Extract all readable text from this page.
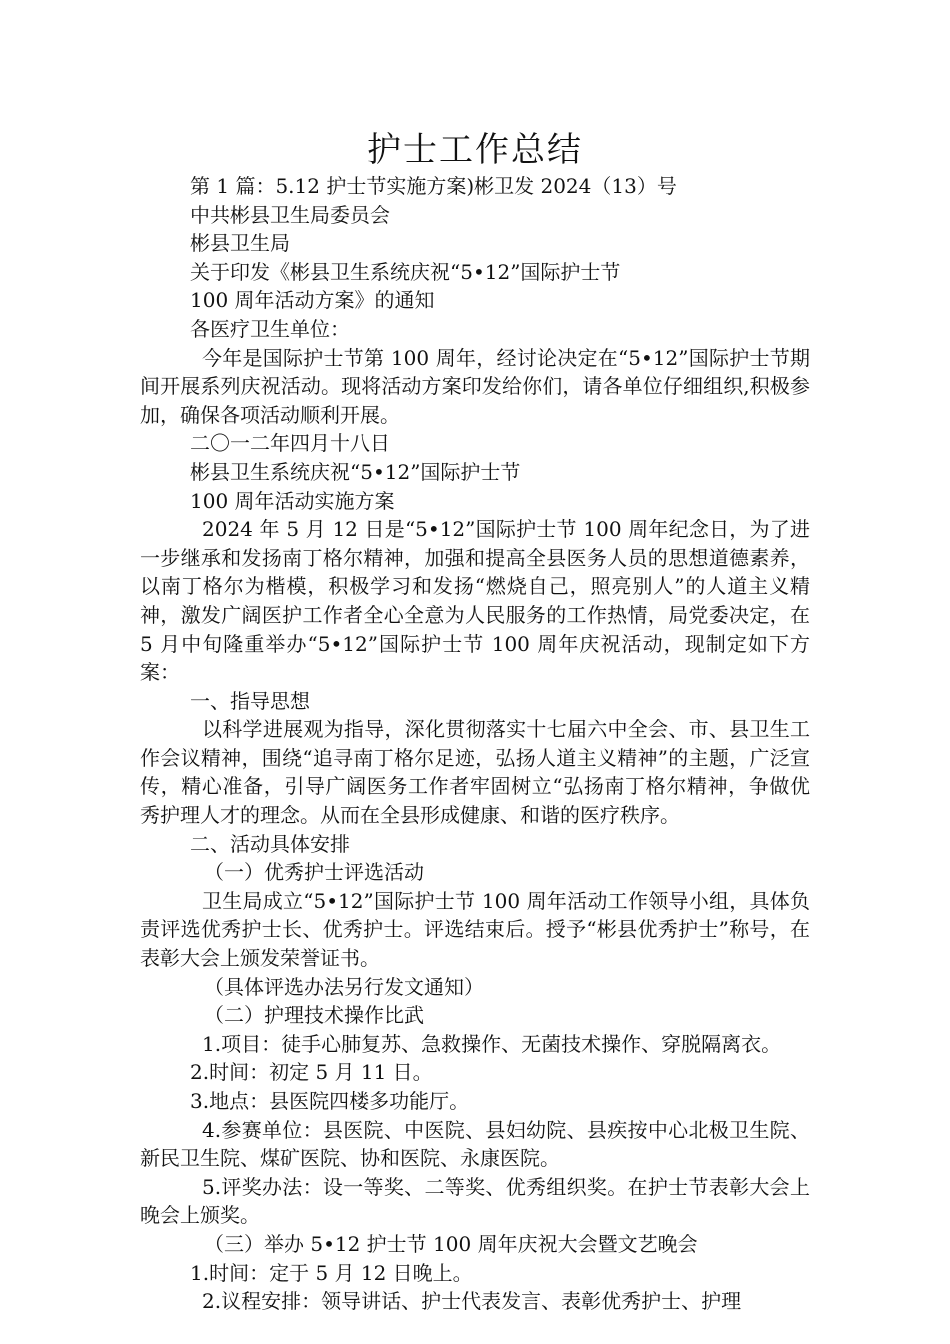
护士工作总结

第 1 篇：5.12 护士节实施方案)彬卫发 2024（13）号

中共彬县卫生局委员会

彬县卫生局

关于印发《彬县卫生系统庆祝“5•12”国际护士节

100 周年活动方案》的通知

各医疗卫生单位：

今年是国际护士节第 100 周年，经讨论决定在“5•12”国际护士节期间开展系列庆祝活动。现将活动方案印发给你们，请各单位仔细组织,积极参加，确保各项活动顺利开展。

二〇一二年四月十八日

彬县卫生系统庆祝“5•12”国际护士节

100 周年活动实施方案

2024 年 5 月 12 日是“5•12”国际护士节 100 周年纪念日，为了进一步继承和发扬南丁格尔精神，加强和提高全县医务人员的思想道德素养，以南丁格尔为楷模，积极学习和发扬“燃烧自己，照亮别人”的人道主义精神，激发广阔医护工作者全心全意为人民服务的工作热情，局党委决定，在 5 月中旬隆重举办“5•12”国际护士节 100 周年庆祝活动，现制定如下方案：

一、指导思想

以科学进展观为指导，深化贯彻落实十七届六中全会、市、县卫生工作会议精神，围绕“追寻南丁格尔足迹，弘扬人道主义精神”的主题，广泛宣传，精心准备，引导广阔医务工作者牢固树立“弘扬南丁格尔精神，争做优秀护理人才的理念。从而在全县形成健康、和谐的医疗秩序。

二、活动具体安排

（一）优秀护士评选活动

卫生局成立“5•12”国际护士节 100 周年活动工作领导小组，具体负责评选优秀护士长、优秀护士。评选结束后。授予“彬县优秀护士”称号，在表彰大会上颁发荣誉证书。

（具体评选办法另行发文通知）

（二）护理技术操作比武

1.项目：徒手心肺复苏、急救操作、无菌技术操作、穿脱隔离衣。

2.时间：初定 5 月 11 日。

3.地点：县医院四楼多功能厅。

4.参赛单位：县医院、中医院、县妇幼院、县疾按中心北极卫生院、新民卫生院、煤矿医院、协和医院、永康医院。

5.评奖办法：设一等奖、二等奖、优秀组织奖。在护士节表彰大会上晚会上颁奖。

（三）举办 5•12 护士节 100 周年庆祝大会暨文艺晚会

1.时间：定于 5 月 12 日晚上。

2.议程安排：领导讲话、护士代表发言、表彰优秀护士、护理
